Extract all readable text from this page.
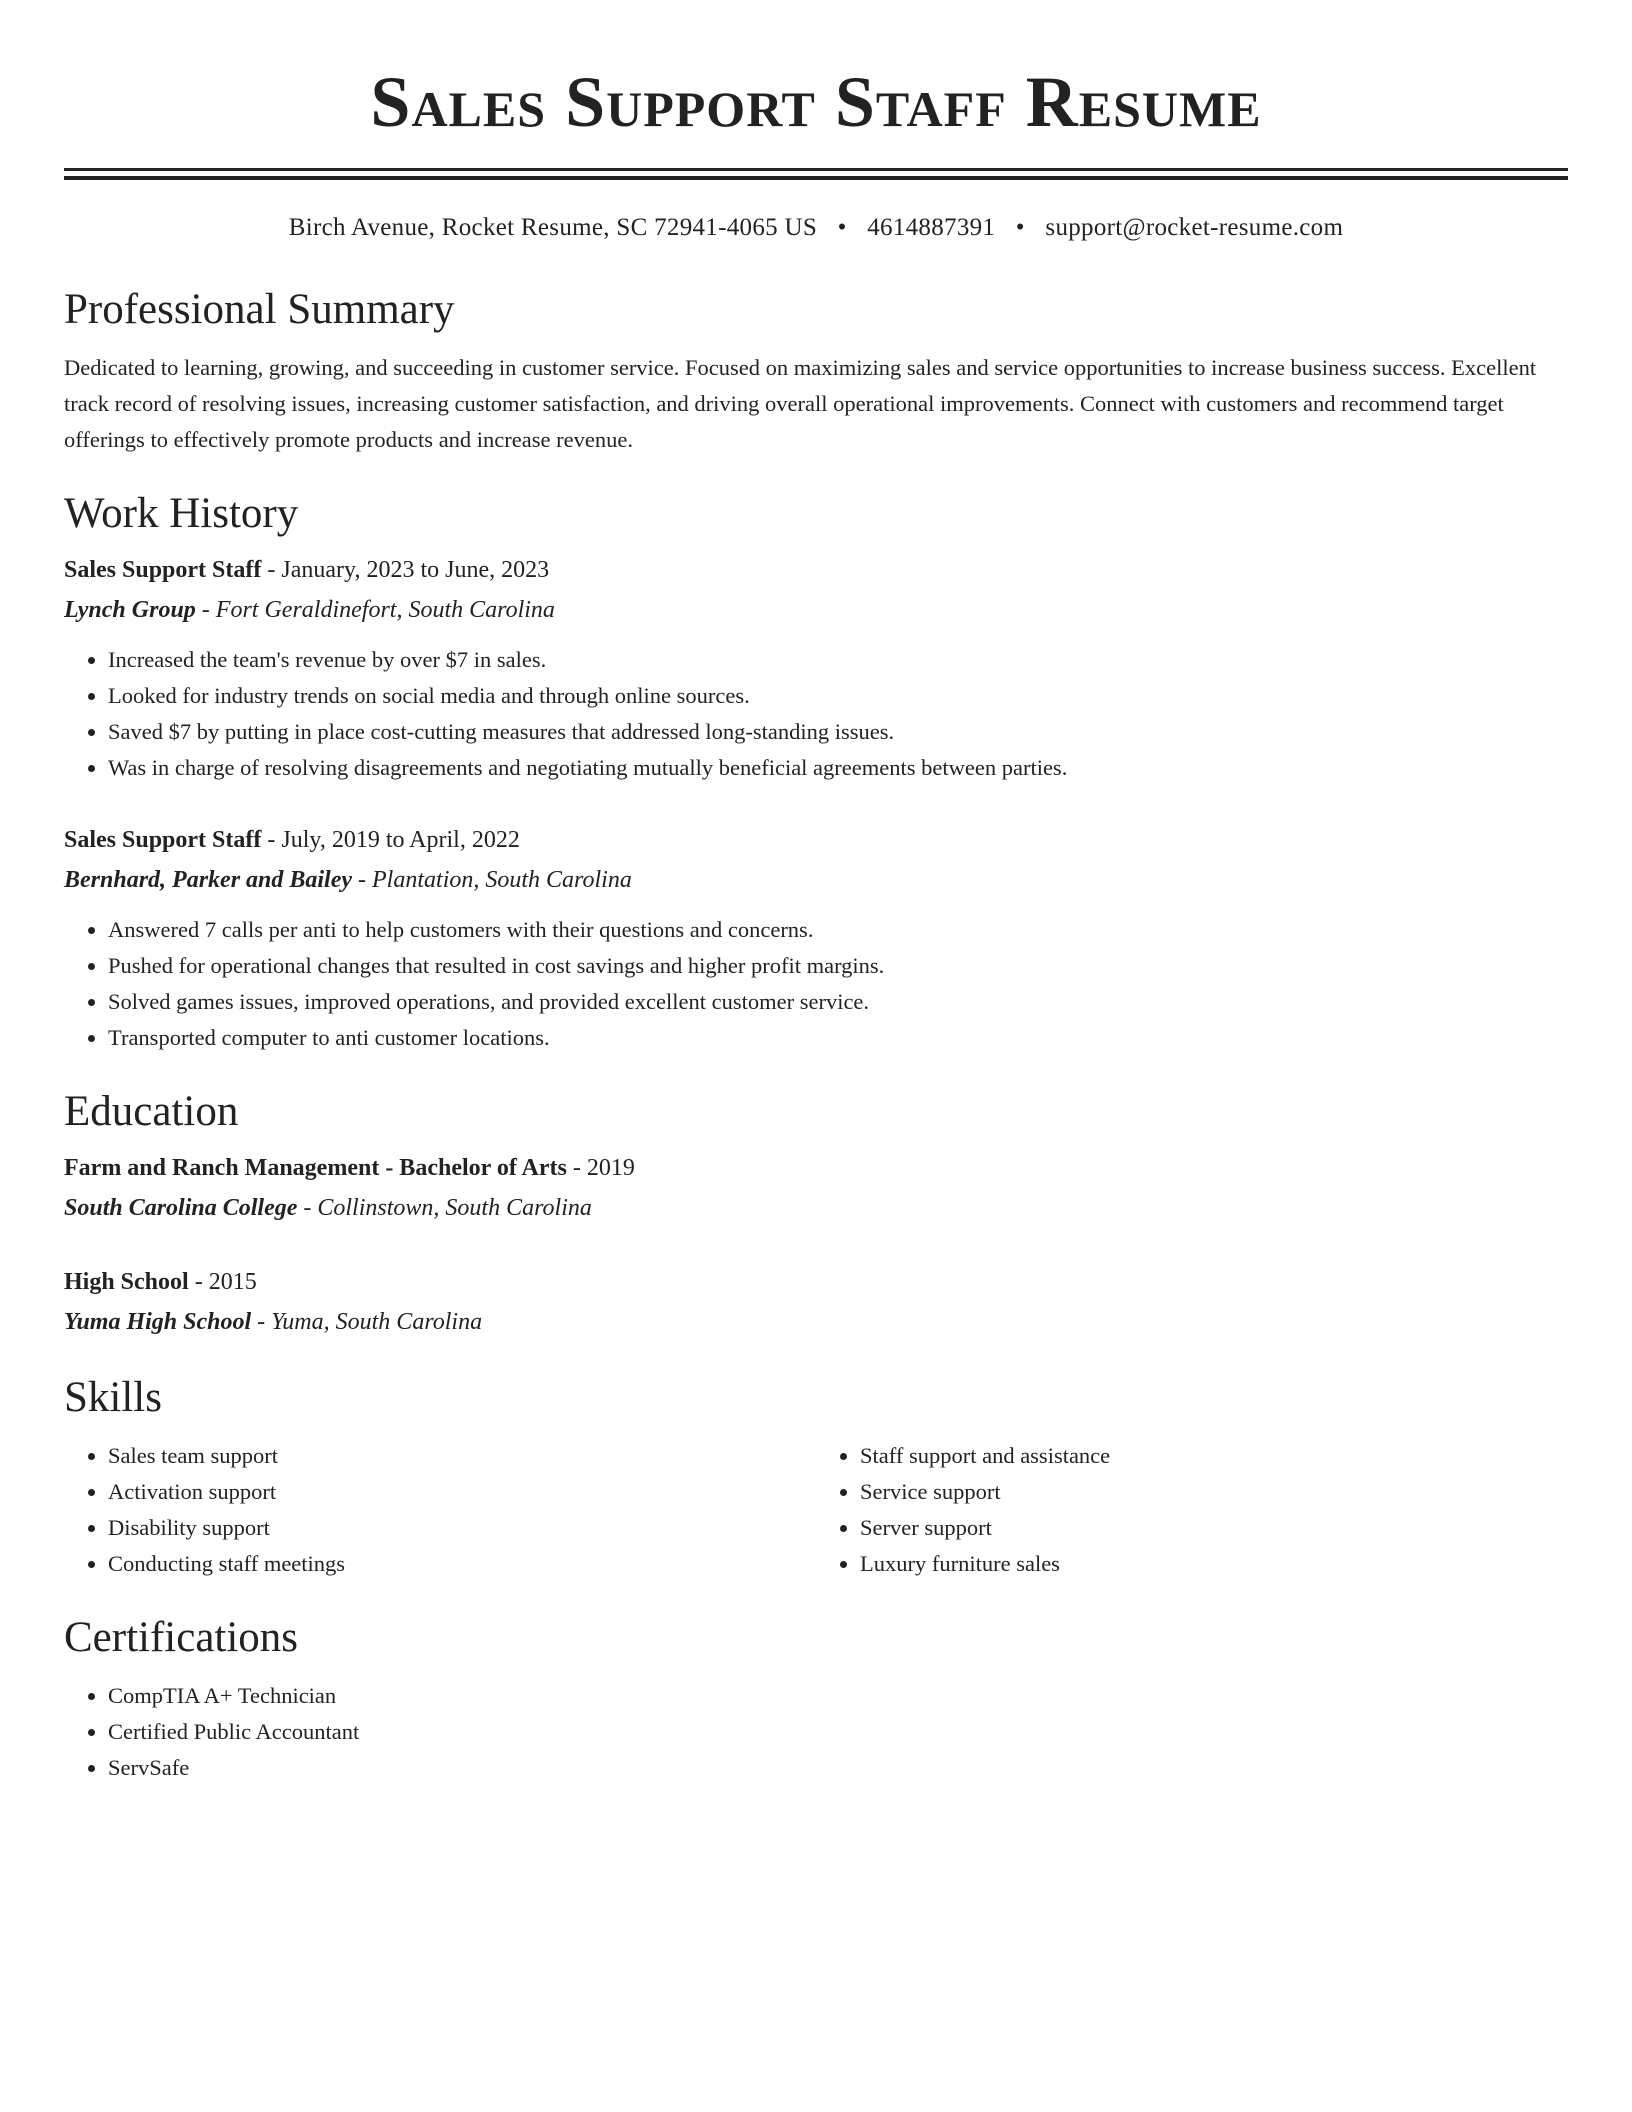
Sales Support Staff Resume
Birch Avenue, Rocket Resume, SC 72941-4065 US • 4614887391 • support@rocket-resume.com
Professional Summary
Dedicated to learning, growing, and succeeding in customer service. Focused on maximizing sales and service opportunities to increase business success. Excellent track record of resolving issues, increasing customer satisfaction, and driving overall operational improvements. Connect with customers and recommend target offerings to effectively promote products and increase revenue.
Work History
Sales Support Staff - January, 2023 to June, 2023
Lynch Group - Fort Geraldinefort, South Carolina
• Increased the team's revenue by over $7 in sales.
• Looked for industry trends on social media and through online sources.
• Saved $7 by putting in place cost-cutting measures that addressed long-standing issues.
• Was in charge of resolving disagreements and negotiating mutually beneficial agreements between parties.
Sales Support Staff - July, 2019 to April, 2022
Bernhard, Parker and Bailey - Plantation, South Carolina
• Answered 7 calls per anti to help customers with their questions and concerns.
• Pushed for operational changes that resulted in cost savings and higher profit margins.
• Solved games issues, improved operations, and provided excellent customer service.
• Transported computer to anti customer locations.
Education
Farm and Ranch Management - Bachelor of Arts - 2019
South Carolina College - Collinstown, South Carolina
High School - 2015
Yuma High School - Yuma, South Carolina
Skills
• Sales team support
• Activation support
• Disability support
• Conducting staff meetings
• Staff support and assistance
• Service support
• Server support
• Luxury furniture sales
Certifications
• CompTIA A+ Technician
• Certified Public Accountant
• ServSafe
